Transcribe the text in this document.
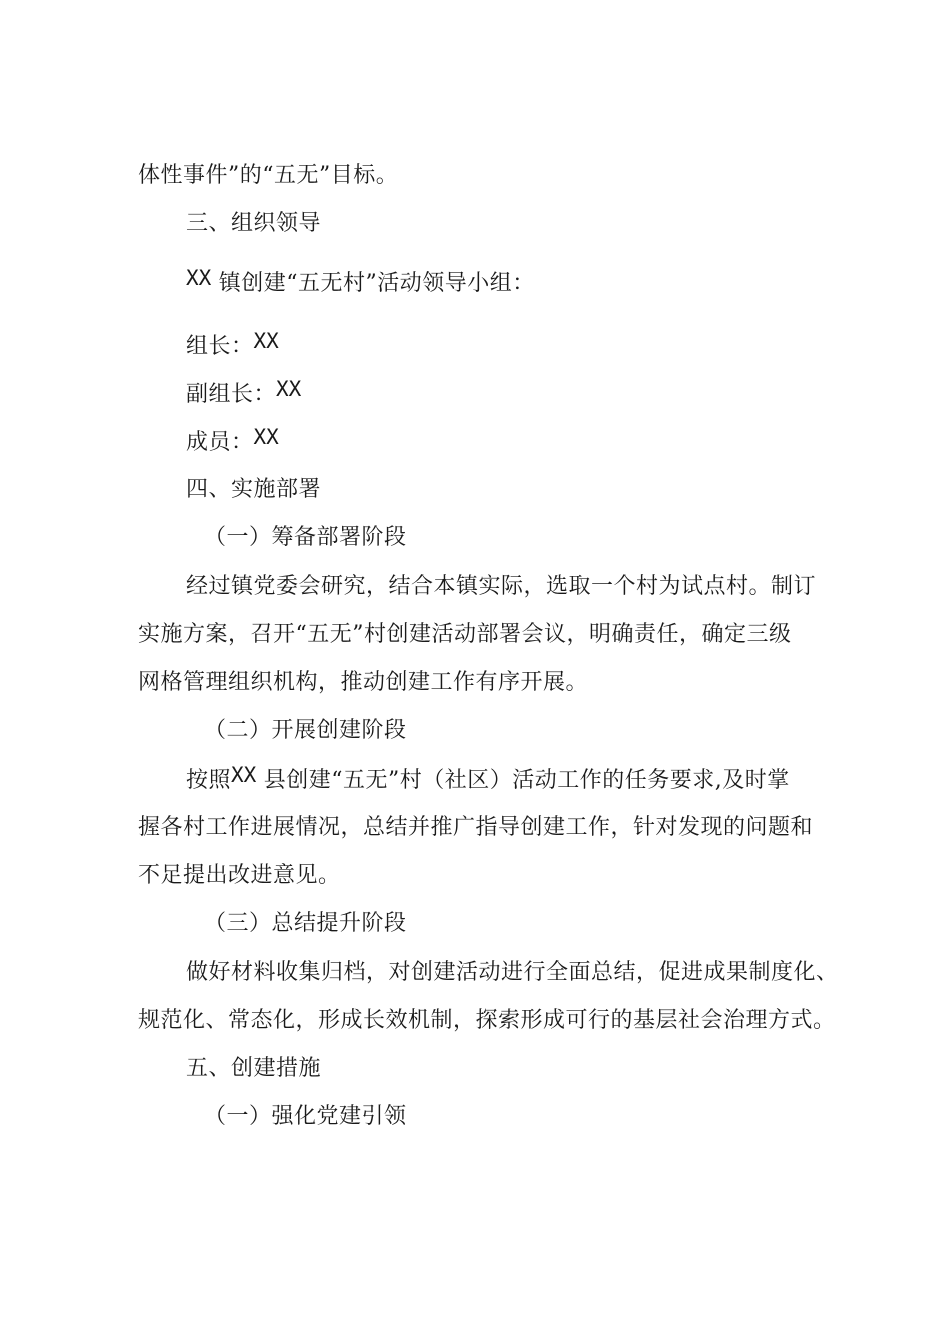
体性事件”的“五无”目标。
三、组织领导
XX 镇创建“五无村”活动领导小组：
组长：XX
副组长：XX
成员：XX
四、实施部署
（一）筹备部署阶段
经过镇党委会研究，结合本镇实际，选取一个村为试点村。制订
实施方案，召开“五无”村创建活动部署会议，明确责任，确定三级
网格管理组织机构，推动创建工作有序开展。
（二）开展创建阶段
按照XX 县创建“五无”村（社区）活动工作的任务要求,及时掌
握各村工作进展情况，总结并推广指导创建工作，针对发现的问题和
不足提出改进意见。
（三）总结提升阶段
做好材料收集归档，对创建活动进行全面总结，促进成果制度化、
规范化、常态化，形成长效机制，探索形成可行的基层社会治理方式。
五、创建措施
（一）强化党建引领
